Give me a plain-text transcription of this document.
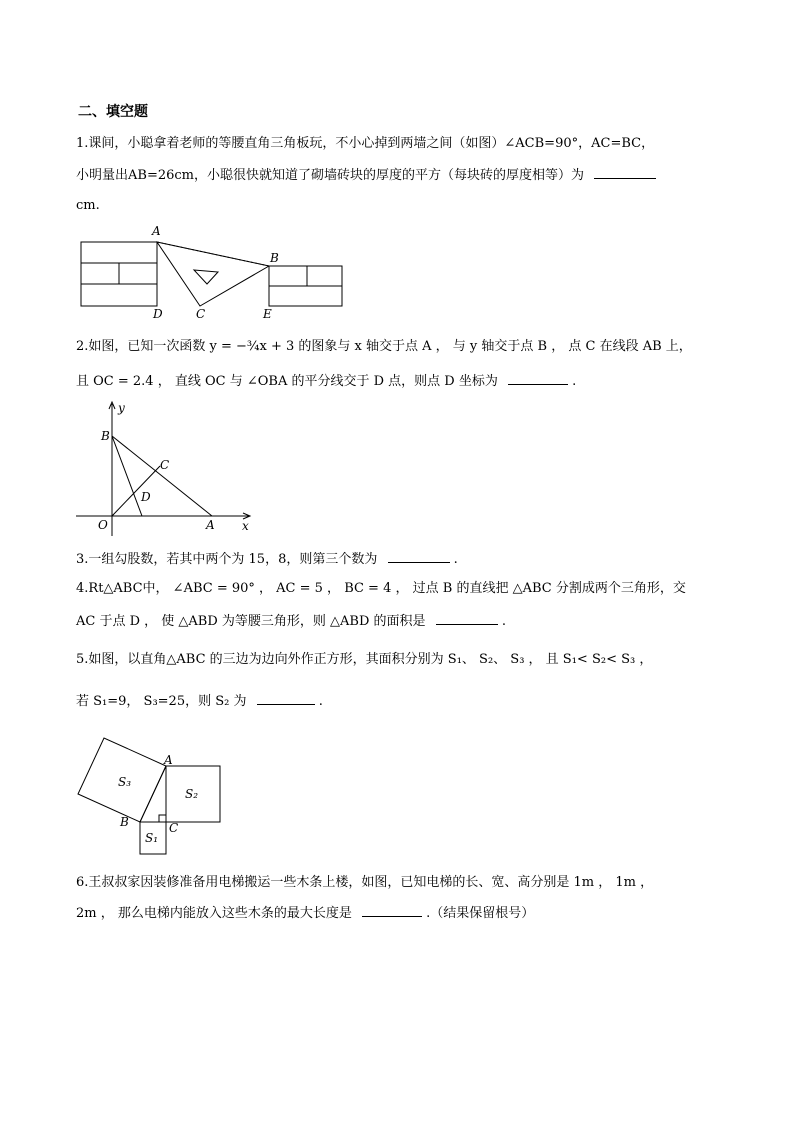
二、填空题
1.课间，小聪拿着老师的等腰直角三角板玩，不小心掉到两墙之间（如图）∠ACB=90°，AC=BC，
小明量出AB=26cm，小聪很快就知道了砌墙砖块的厚度的平方（每块砖的厚度相等）为
cm.
A
B
D	C	E
2.如图，已知一次函数 y = −¾x + 3 的图象与 x 轴交于点 A ， 与 y 轴交于点 B ， 点 C 在线段 AB 上，
且 OC = 2.4 ， 直线 OC 与 ∠OBA 的平分线交于 D 点，则点 D 坐标为	.
y
B
C
D
O	A x
3.一组勾股数，若其中两个为 15，8，则第三个数为	.
4.Rt△ABC中， ∠ABC = 90° ， AC = 5 ， BC = 4 ， 过点 B 的直线把 △ABC 分割成两个三角形，交
AC 于点 D ， 使 △ABD 为等腰三角形，则 △ABD 的面积是	.
5.如图，以直角△ABC 的三边为边向外作正方形，其面积分别为 S₁、 S₂、 S₃ ， 且 S₁< S₂< S₃ ，
若 S₁=9， S₃=25，则 S₂ 为	.
S₃
A
S₂
B	C
S₁
6.王叔叔家因装修准备用电梯搬运一些木条上楼，如图，已知电梯的长、宽、高分别是 1m ， 1m ，
2m ， 那么电梯内能放入这些木条的最大长度是	.（结果保留根号）
